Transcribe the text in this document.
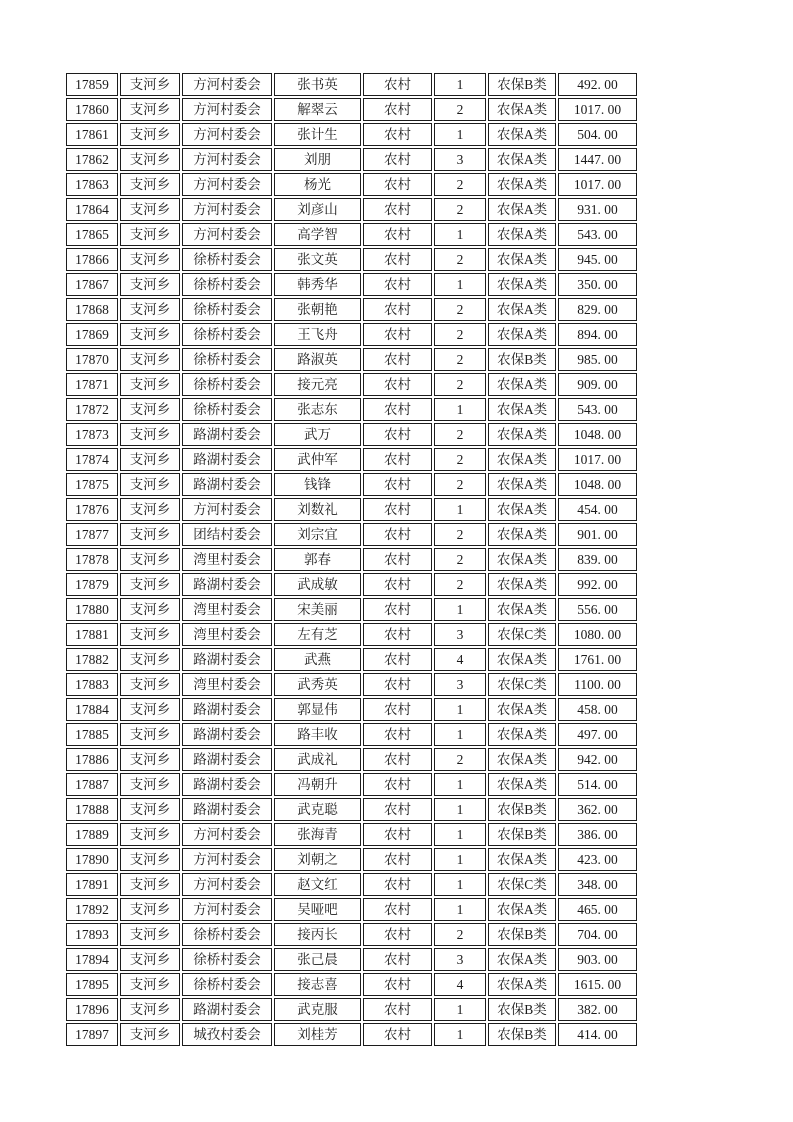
17859	支河乡	方河村委会	张书英	农村	1	农保B类	492. 00
17860	支河乡	方河村委会	解翠云	农村	2	农保A类	1017. 00
17861	支河乡	方河村委会	张计生	农村	1	农保A类	504. 00
17862	支河乡	方河村委会	刘朋	农村	3	农保A类	1447. 00
17863	支河乡	方河村委会	杨光	农村	2	农保A类	1017. 00
17864	支河乡	方河村委会	刘彦山	农村	2	农保A类	931. 00
17865	支河乡	方河村委会	高学智	农村	1	农保A类	543. 00
17866	支河乡	徐桥村委会	张文英	农村	2	农保A类	945. 00
17867	支河乡	徐桥村委会	韩秀华	农村	1	农保A类	350. 00
17868	支河乡	徐桥村委会	张朝艳	农村	2	农保A类	829. 00
17869	支河乡	徐桥村委会	王飞舟	农村	2	农保A类	894. 00
17870	支河乡	徐桥村委会	路淑英	农村	2	农保B类	985. 00
17871	支河乡	徐桥村委会	接元亮	农村	2	农保A类	909. 00
17872	支河乡	徐桥村委会	张志东	农村	1	农保A类	543. 00
17873	支河乡	路湖村委会	武万	农村	2	农保A类	1048. 00
17874	支河乡	路湖村委会	武仲军	农村	2	农保A类	1017. 00
17875	支河乡	路湖村委会	钱锋	农村	2	农保A类	1048. 00
17876	支河乡	方河村委会	刘数礼	农村	1	农保A类	454. 00
17877	支河乡	团结村委会	刘宗宜	农村	2	农保A类	901. 00
17878	支河乡	湾里村委会	郭春	农村	2	农保A类	839. 00
17879	支河乡	路湖村委会	武成敏	农村	2	农保A类	992. 00
17880	支河乡	湾里村委会	宋美丽	农村	1	农保A类	556. 00
17881	支河乡	湾里村委会	左有芝	农村	3	农保C类	1080. 00
17882	支河乡	路湖村委会	武燕	农村	4	农保A类	1761. 00
17883	支河乡	湾里村委会	武秀英	农村	3	农保C类	1100. 00
17884	支河乡	路湖村委会	郭显伟	农村	1	农保A类	458. 00
17885	支河乡	路湖村委会	路丰收	农村	1	农保A类	497. 00
17886	支河乡	路湖村委会	武成礼	农村	2	农保A类	942. 00
17887	支河乡	路湖村委会	冯朝升	农村	1	农保A类	514. 00
17888	支河乡	路湖村委会	武克聪	农村	1	农保B类	362. 00
17889	支河乡	方河村委会	张海青	农村	1	农保B类	386. 00
17890	支河乡	方河村委会	刘朝之	农村	1	农保A类	423. 00
17891	支河乡	方河村委会	赵文红	农村	1	农保C类	348. 00
17892	支河乡	方河村委会	吴哑吧	农村	1	农保A类	465. 00
17893	支河乡	徐桥村委会	接丙长	农村	2	农保B类	704. 00
17894	支河乡	徐桥村委会	张己晨	农村	3	农保A类	903. 00
17895	支河乡	徐桥村委会	接志喜	农村	4	农保A类	1615. 00
17896	支河乡	路湖村委会	武克服	农村	1	农保B类	382. 00
17897	支河乡	城孜村委会	刘桂芳	农村	1	农保B类	414. 00
